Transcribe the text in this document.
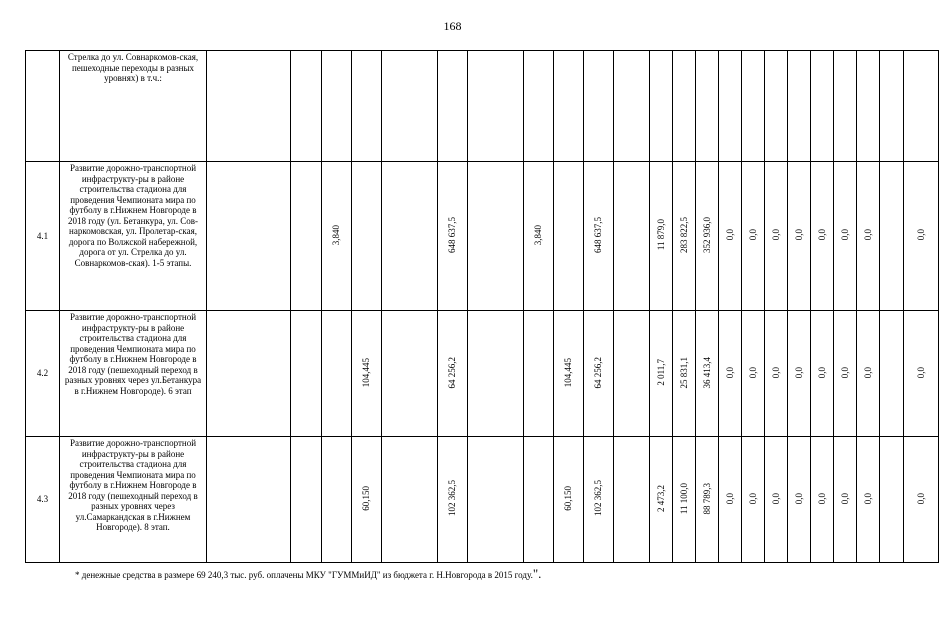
168
	Стрелка до ул. Совнаркомов-ская, пешеходные переходы в разных уровнях) в т.ч.:																							
4.1	Развитие дорожно-транспортной инфраструкту-ры в районе строительства стадиона для проведения Чемпионата мира по футболу в г.Нижнем Новгороде в 2018 году (ул. Бетанкура, ул. Сов-наркомовская, ул. Пролетар-ская, дорога по Волжской набережной, дорога от ул. Стрелка до ул. Совнаркомов-ская). 1-5 этапы.			3,840			648 637,5		3,840		648 637,5		11 879,0	283 822,5	352 936,0	0,0	0,0	0,0	0,0	0,0	0,0	0,0		0,0
4.2	Развитие дорожно-транспортной инфраструкту-ры в районе строительства стадиона для проведения Чемпионата мира по футболу в г.Нижнем Новгороде в 2018 году (пешеходный переход в разных уровнях через ул.Бетанкура в г.Нижнем Новгороде). 6 этап				104,445		64 256,2			104,445	64 256,2		2 011,7	25 831,1	36 413,4	0,0	0,0	0,0	0,0	0,0	0,0	0,0		0,0
4.3	Развитие дорожно-транспортной инфраструкту-ры в районе строительства стадиона для проведения Чемпионата мира по футболу в г.Нижнем Новгороде в 2018 году (пешеходный переход в разных уровнях через ул.Самаркандская в г.Нижнем Новгороде). 8 этап.				60,150		102 362,5			60,150	102 362,5		2 473,2	11 100,0	88 789,3	0,0	0,0	0,0	0,0	0,0	0,0	0,0		0,0
* денежные средства в размере 69 240,3 тыс. руб. оплачены МКУ "ГУММиИД" из бюджета г. Н.Новгорода в 2015 году.".
